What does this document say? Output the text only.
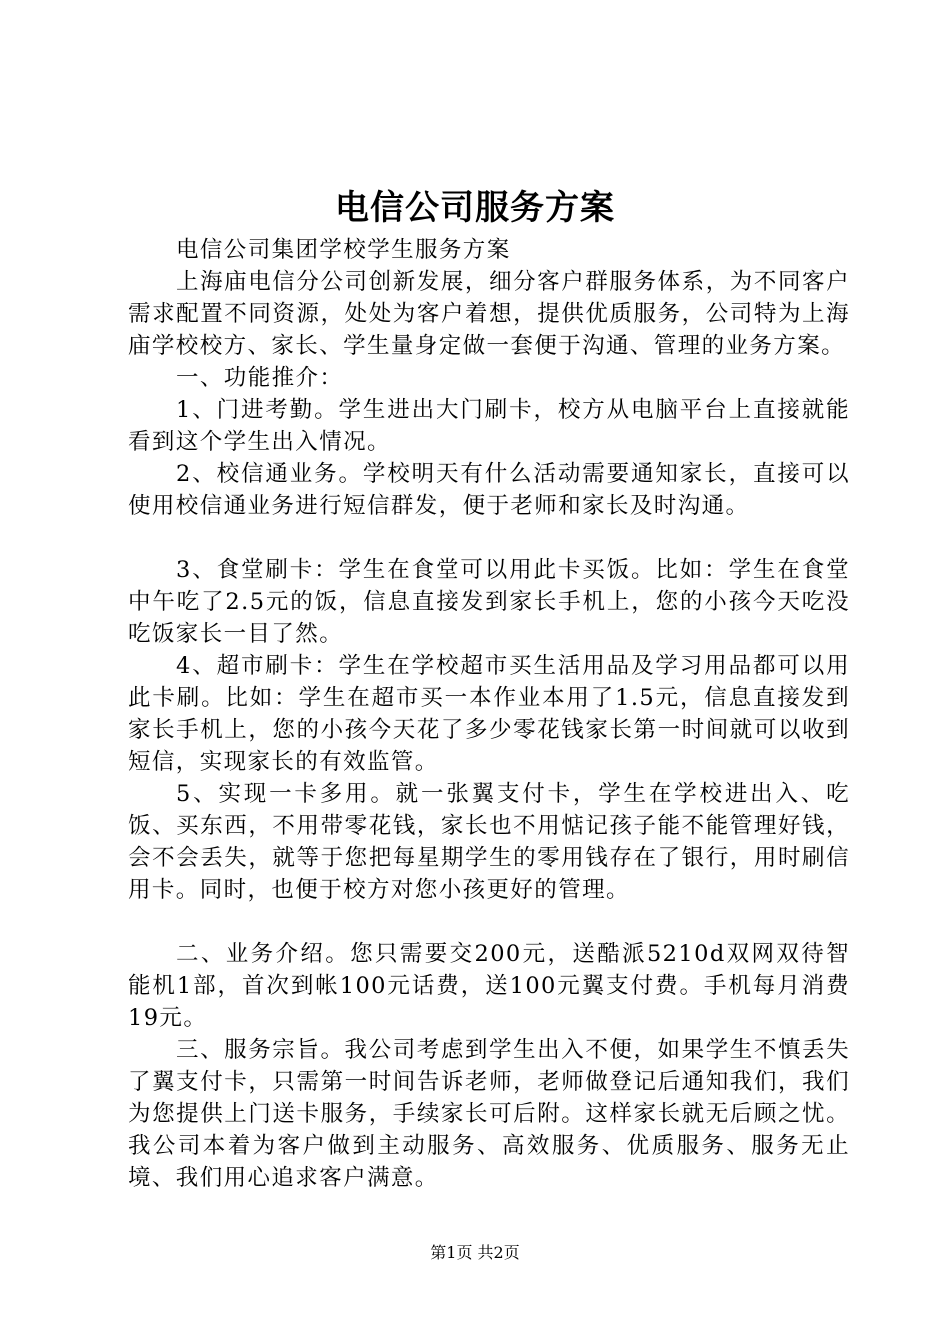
电信公司服务方案

电信公司集团学校学生服务方案

上海庙电信分公司创新发展，细分客户群服务体系，为不同客户需求配置不同资源，处处为客户着想，提供优质服务，公司特为上海庙学校校方、家长、学生量身定做一套便于沟通、管理的业务方案。

一、功能推介：

1、门进考勤。学生进出大门刷卡，校方从电脑平台上直接就能看到这个学生出入情况。

2、校信通业务。学校明天有什么活动需要通知家长，直接可以使用校信通业务进行短信群发，便于老师和家长及时沟通。

3、食堂刷卡：学生在食堂可以用此卡买饭。比如：学生在食堂中午吃了2.5元的饭，信息直接发到家长手机上，您的小孩今天吃没吃饭家长一目了然。

4、超市刷卡：学生在学校超市买生活用品及学习用品都可以用此卡刷。比如：学生在超市买一本作业本用了1.5元，信息直接发到家长手机上，您的小孩今天花了多少零花钱家长第一时间就可以收到短信，实现家长的有效监管。

5、实现一卡多用。就一张翼支付卡，学生在学校进出入、吃饭、买东西，不用带零花钱，家长也不用惦记孩子能不能管理好钱，会不会丢失，就等于您把每星期学生的零用钱存在了银行，用时刷信用卡。同时，也便于校方对您小孩更好的管理。

二、业务介绍。您只需要交200元，送酷派5210d双网双待智能机1部，首次到帐100元话费，送100元翼支付费。手机每月消费19元。

三、服务宗旨。我公司考虑到学生出入不便，如果学生不慎丢失了翼支付卡，只需第一时间告诉老师，老师做登记后通知我们，我们为您提供上门送卡服务，手续家长可后附。这样家长就无后顾之忧。我公司本着为客户做到主动服务、高效服务、优质服务、服务无止境、我们用心追求客户满意。

第1页 共2页
